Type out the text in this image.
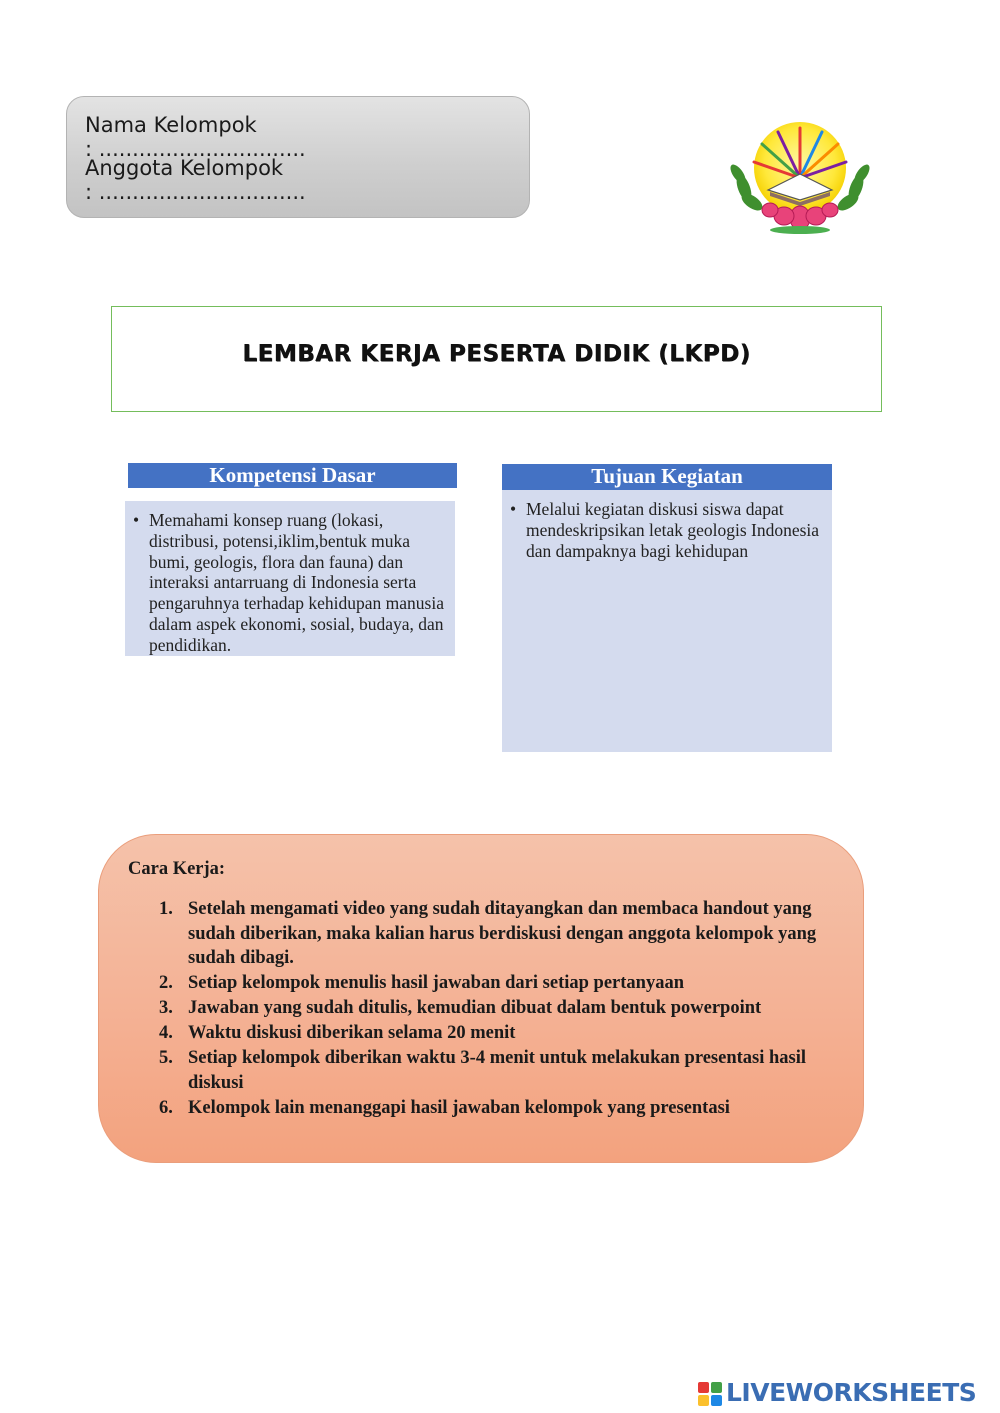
Nama Kelompok: ...............................
Anggota Kelompok: ...............................
LEMBAR KERJA PESERTA DIDIK (LKPD)
Kompetensi Dasar
• Memahami konsep ruang (lokasi, distribusi, potensi,iklim,bentuk muka bumi, geologis, flora dan fauna) dan interaksi antarruang di Indonesia serta pengaruhnya terhadap kehidupan manusia dalam aspek ekonomi, sosial, budaya, dan pendidikan.
Tujuan Kegiatan
• Melalui kegiatan diskusi siswa dapat mendeskripsikan letak geologis Indonesia dan dampaknya bagi kehidupan
Cara Kerja:
1. Setelah mengamati video yang sudah ditayangkan dan membaca handout yang sudah diberikan, maka kalian harus berdiskusi dengan anggota kelompok yang sudah dibagi.
2. Setiap kelompok menulis hasil jawaban dari setiap pertanyaan
3. Jawaban yang sudah ditulis, kemudian dibuat dalam bentuk powerpoint
4. Waktu diskusi diberikan selama 20 menit
5. Setiap kelompok diberikan waktu 3-4 menit untuk melakukan presentasi hasil diskusi
6. Kelompok lain menanggapi hasil jawaban kelompok yang presentasi
LIVEWORKSHEETS
